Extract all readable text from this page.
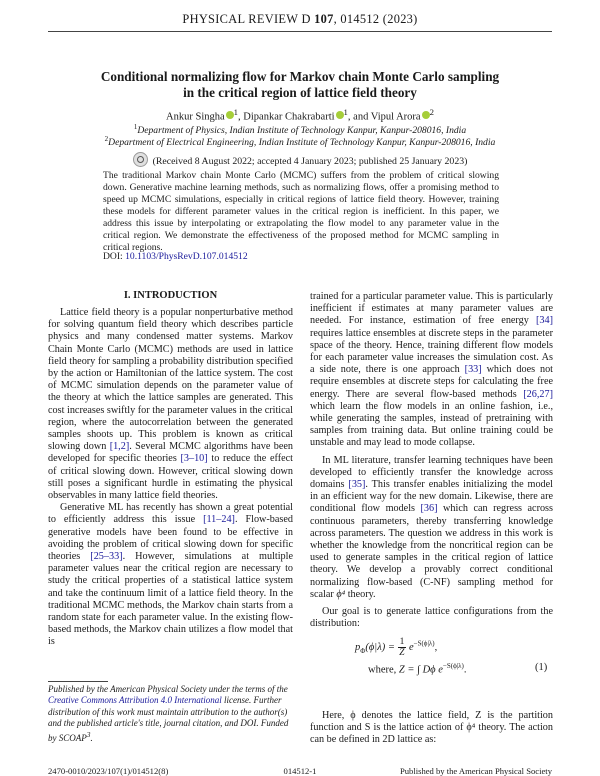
PHYSICAL REVIEW D 107, 014512 (2023)
Conditional normalizing flow for Markov chain Monte Carlo sampling
in the critical region of lattice field theory
Ankur Singha $^1$, Dipankar Chakrabarti $^1$, and Vipul Arora $^2$
$^1$Department of Physics, Indian Institute of Technology Kanpur, Kanpur-208016, India
$^2$Department of Electrical Engineering, Indian Institute of Technology Kanpur, Kanpur-208016, India
(Received 8 August 2022; accepted 4 January 2023; published 25 January 2023)
The traditional Markov chain Monte Carlo (MCMC) suffers from the problem of critical slowing down. Generative machine learning methods, such as normalizing flows, offer a promising method to speed up MCMC simulations, especially in critical regions of lattice field theory. However, training these models for different parameter values in the critical region is inefficient. In this paper, we address this issue by interpolating or extrapolating the flow model to any parameter value in the critical region. We demonstrate the effectiveness of the proposed method for MCMC sampling in critical regions.
DOI: 10.1103/PhysRevD.107.014512
I. INTRODUCTION

Lattice field theory is a popular nonperturbative method for solving quantum field theory which describes particle physics and many condensed matter systems. Markov Chain Monte Carlo (MCMC) methods are used in lattice field theory for sampling a probability distribution specified by the action or Hamiltonian of the lattice system. The cost of MCMC simulation depends on the parameter value of the theory at which the lattice samples are generated. This cost increases swiftly for the parameter values in the critical region, where the autocorrelation between the generated samples shoots up. This problem is known as critical slowing down [1,2]. Several MCMC algorithms have been developed for specific theories [3–10] to reduce the effect of critical slowing down. However, critical slowing down still poses a significant hurdle in estimating the physical observables in many lattice field theories.

Generative ML has recently has shown a great potential to efficiently address this issue [11–24]. Flow-based generative models have been found to be effective in avoiding the problem of critical slowing down for specific theories [25–33]. However, simulations at multiple parameter values near the critical region are necessary to study the critical properties of a statistical lattice system and take the continuum limit of a lattice field theory. In the traditional MCMC methods, the Markov chain starts from a random state for each parameter value. In the existing flow-based methods, the Markov chain utilizes a flow model that is

Published by the American Physical Society under the terms of the Creative Commons Attribution 4.0 International license. Further distribution of this work must maintain attribution to the author(s) and the published article's title, journal citation, and DOI. Funded by SCOAP$^3$.

trained for a particular parameter value. This is particularly inefficient if estimates at many parameter values are needed. For instance, estimation of free energy [34] requires lattice ensembles at discrete steps in the parameter space of the theory. Hence, training different flow models for each parameter value increases the simulation cost. As a side note, there is one approach [33] which does not require ensembles at discrete steps for calculating the free energy. There are several flow-based methods [26,27] which learn the flow models in an online fashion, i.e., while generating the samples, instead of pretraining with samples from training data. But online training could be unstable and may lead to mode collapse.

In ML literature, transfer learning techniques have been developed to efficiently transfer the knowledge across domains [35]. This transfer enables initializing the model in an efficient way for the new domain. Likewise, there are conditional flow models [36] which can regress across continuous parameters, thereby transferring knowledge across parameters. The question we address in this work is whether the knowledge from the noncritical region can be used to generate samples in the critical region of lattice theory. We develop a provably correct conditional normalizing flow-based (C-NF) sampling method for scalar ϕ⁴ theory.

Our goal is to generate lattice configurations from the distribution:

$p_\Phi(\phi|\lambda) = \frac{1}{Z} e^{-S(\phi|\lambda)}$,
where, Z = ∫ Dϕ $e^{-S(\phi|\lambda)}$.	(1)

Here, ϕ denotes the lattice field, Z is the partition function and S is the lattice action of ϕ⁴ theory. The action can be defined in 2D lattice as:

2470-0010/2023/107(1)/014512(8)	014512-1	Published by the American Physical Society
